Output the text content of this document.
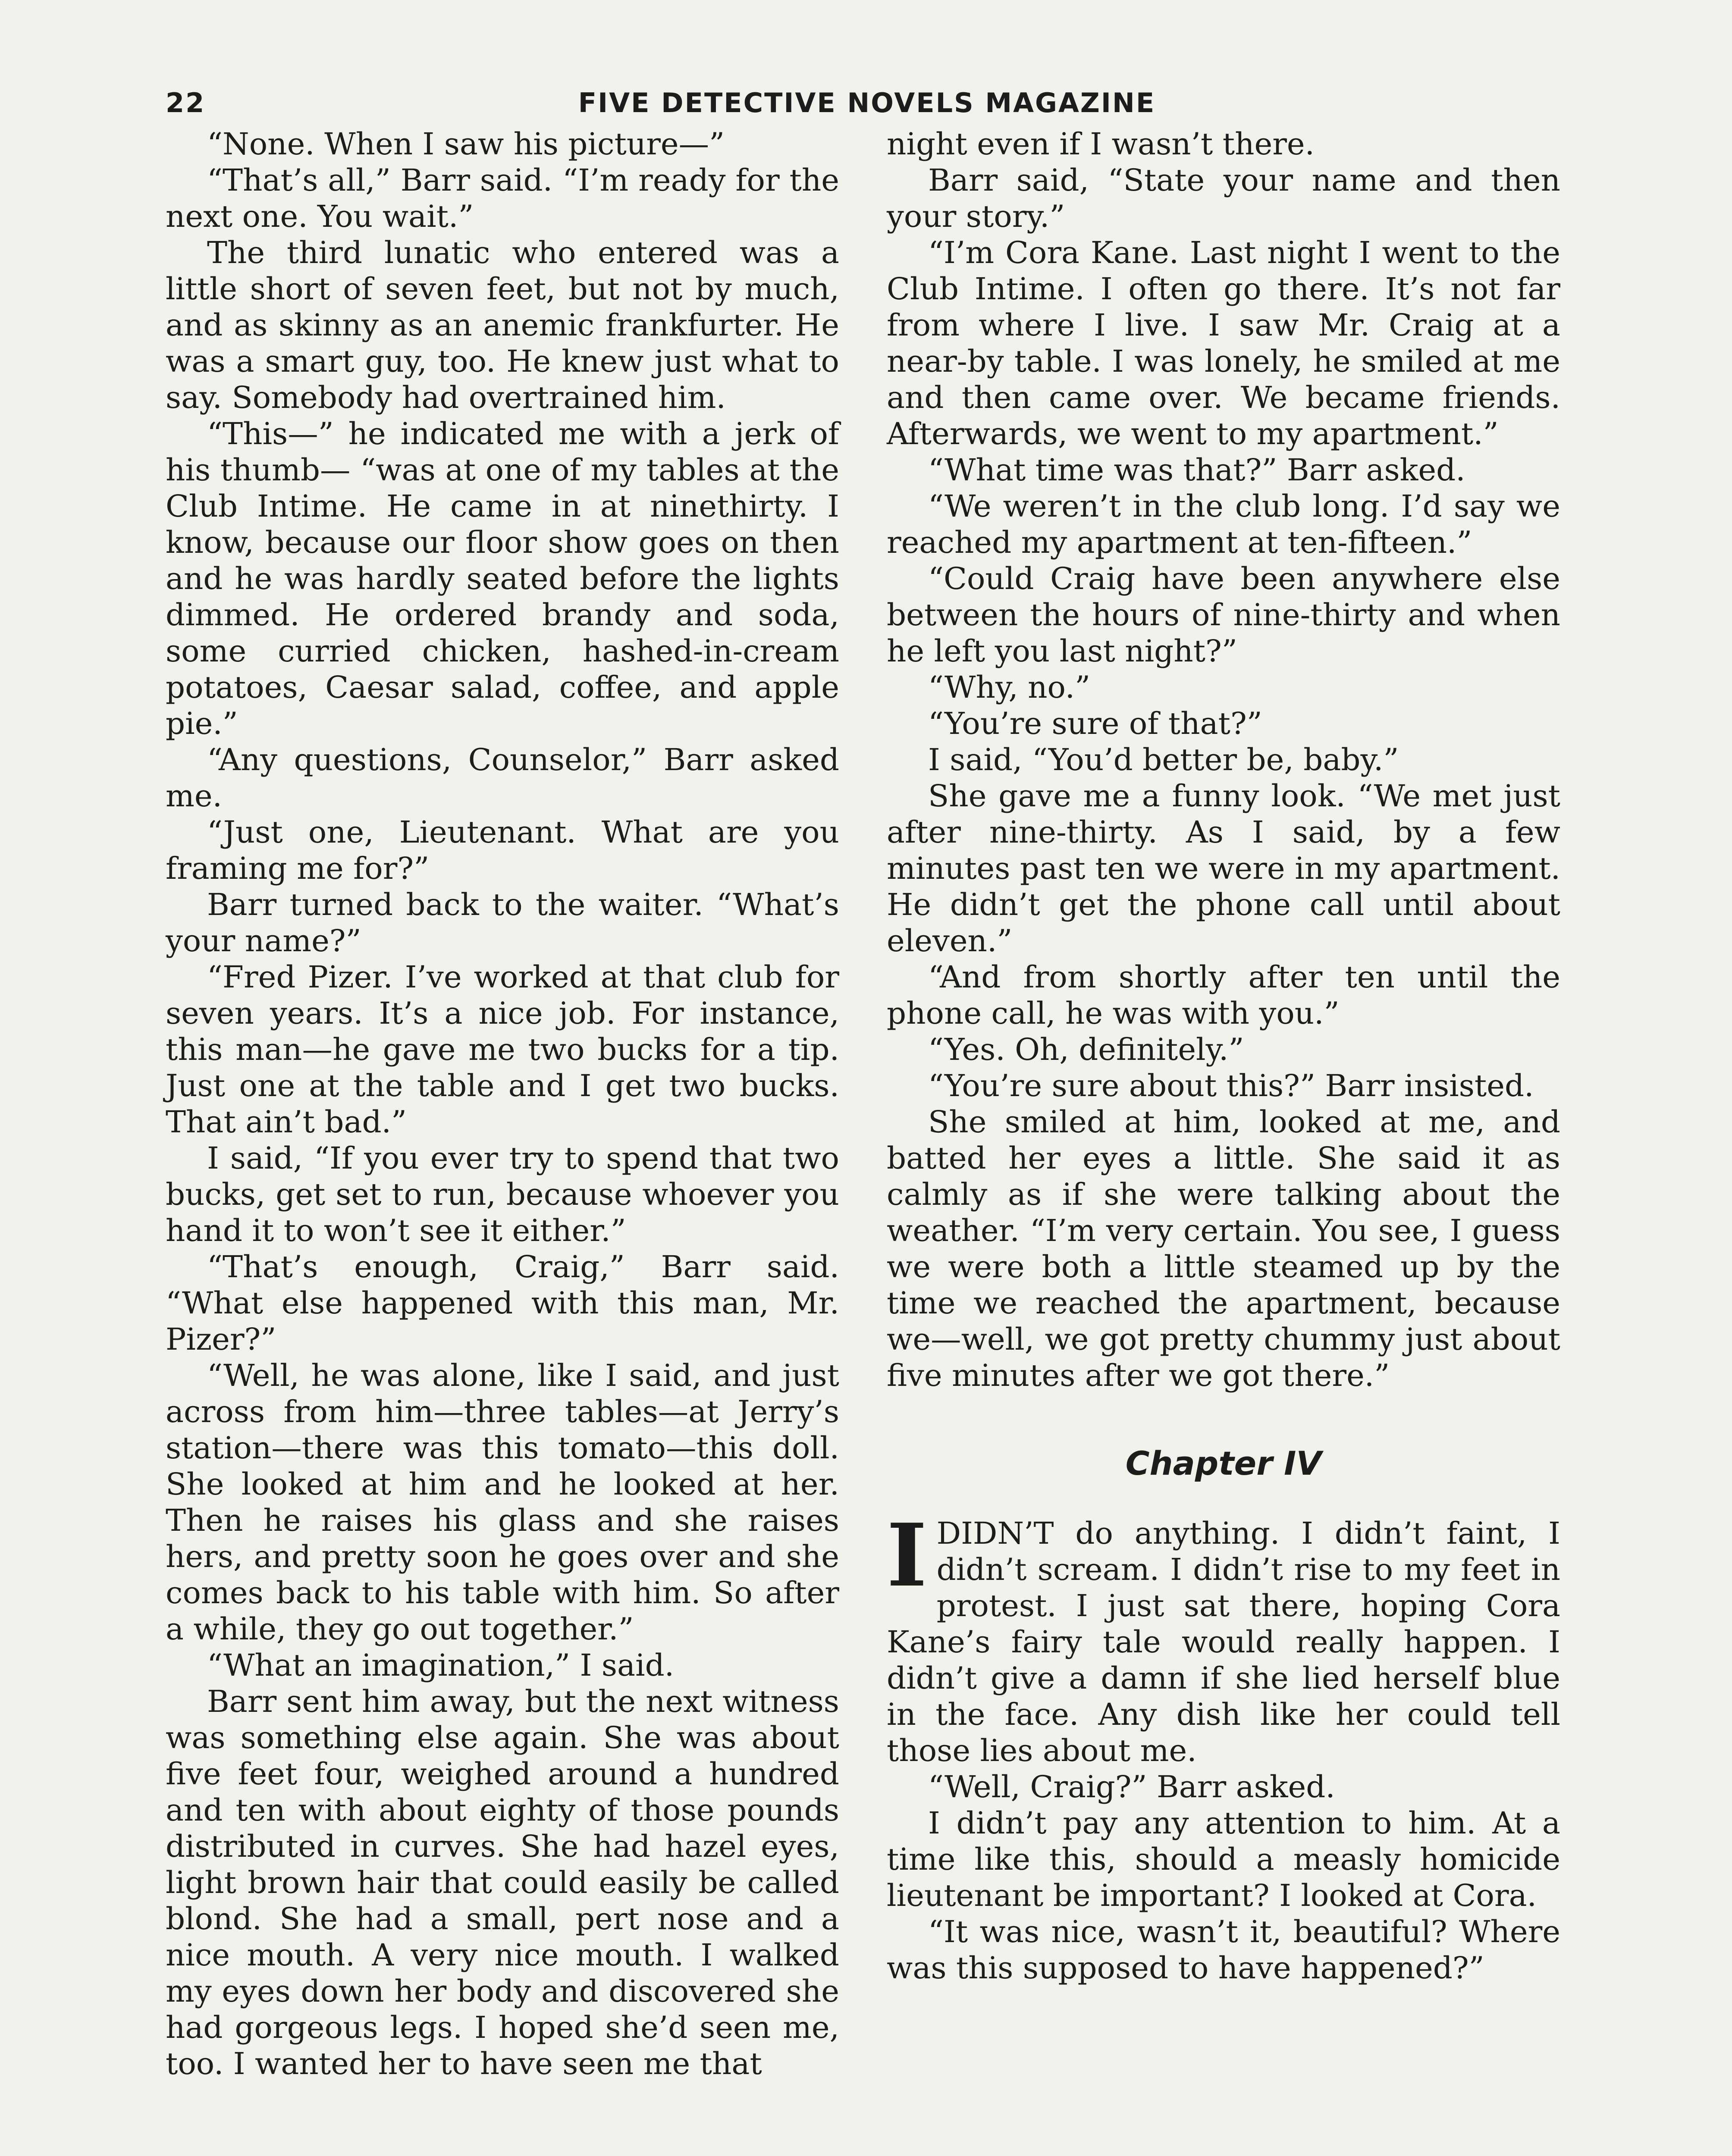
22	FIVE DETECTIVE NOVELS MAGAZINE

“None. When I saw his picture—”

“That’s all,” Barr said. “I’m ready for the next one. You wait.”

The third lunatic who entered was a little short of seven feet, but not by much, and as skinny as an anemic frankfurter. He was a smart guy, too. He knew just what to say. Somebody had overtrained him.

“This—” he indicated me with a jerk of his thumb— “was at one of my tables at the Club Intime. He came in at ninethirty. I know, because our floor show goes on then and he was hardly seated before the lights dimmed. He ordered brandy and soda, some curried chicken, hashed-in-cream potatoes, Caesar salad, coffee, and apple pie.”

“Any questions, Counselor,” Barr asked me.

“Just one, Lieutenant. What are you framing me for?”

Barr turned back to the waiter. “What’s your name?”

“Fred Pizer. I’ve worked at that club for seven years. It’s a nice job. For instance, this man—he gave me two bucks for a tip. Just one at the table and I get two bucks. That ain’t bad.”

I said, “If you ever try to spend that two bucks, get set to run, because whoever you hand it to won’t see it either.”

“That’s enough, Craig,” Barr said. “What else happened with this man, Mr. Pizer?”

“Well, he was alone, like I said, and just across from him—three tables—at Jerry’s station—there was this tomato—this doll. She looked at him and he looked at her. Then he raises his glass and she raises hers, and pretty soon he goes over and she comes back to his table with him. So after a while, they go out together.”

“What an imagination,” I said.

Barr sent him away, but the next witness was something else again. She was about five feet four, weighed around a hundred and ten with about eighty of those pounds distributed in curves. She had hazel eyes, light brown hair that could easily be called blond. She had a small, pert nose and a nice mouth. A very nice mouth. I walked my eyes down her body and discovered she had gorgeous legs. I hoped she’d seen me, too. I wanted her to have seen me that

night even if I wasn’t there.

Barr said, “State your name and then your story.”

“I’m Cora Kane. Last night I went to the Club Intime. I often go there. It’s not far from where I live. I saw Mr. Craig at a near-by table. I was lonely, he smiled at me and then came over. We became friends. Afterwards, we went to my apartment.”

“What time was that?” Barr asked.

“We weren’t in the club long. I’d say we reached my apartment at ten-fifteen.”

“Could Craig have been anywhere else between the hours of nine-thirty and when he left you last night?”

“Why, no.”

“You’re sure of that?”

I said, “You’d better be, baby.”

She gave me a funny look. “We met just after nine-thirty. As I said, by a few minutes past ten we were in my apartment. He didn’t get the phone call until about eleven.”

“And from shortly after ten until the phone call, he was with you.”

“Yes. Oh, definitely.”

“You’re sure about this?” Barr insisted.

She smiled at him, looked at me, and batted her eyes a little. She said it as calmly as if she were talking about the weather. “I’m very certain. You see, I guess we were both a little steamed up by the time we reached the apartment, because we—well, we got pretty chummy just about five minutes after we got there.”

Chapter IV

IDIDN’T do anything. I didn’t faint, I didn’t scream. I didn’t rise to my feet in protest. I just sat there, hoping Cora Kane’s fairy tale would really happen. I didn’t give a damn if she lied herself blue in the face. Any dish like her could tell those lies about me.

“Well, Craig?” Barr asked.

I didn’t pay any attention to him. At a time like this, should a measly homicide lieutenant be important? I looked at Cora.

“It was nice, wasn’t it, beautiful? Where was this supposed to have happened?”
